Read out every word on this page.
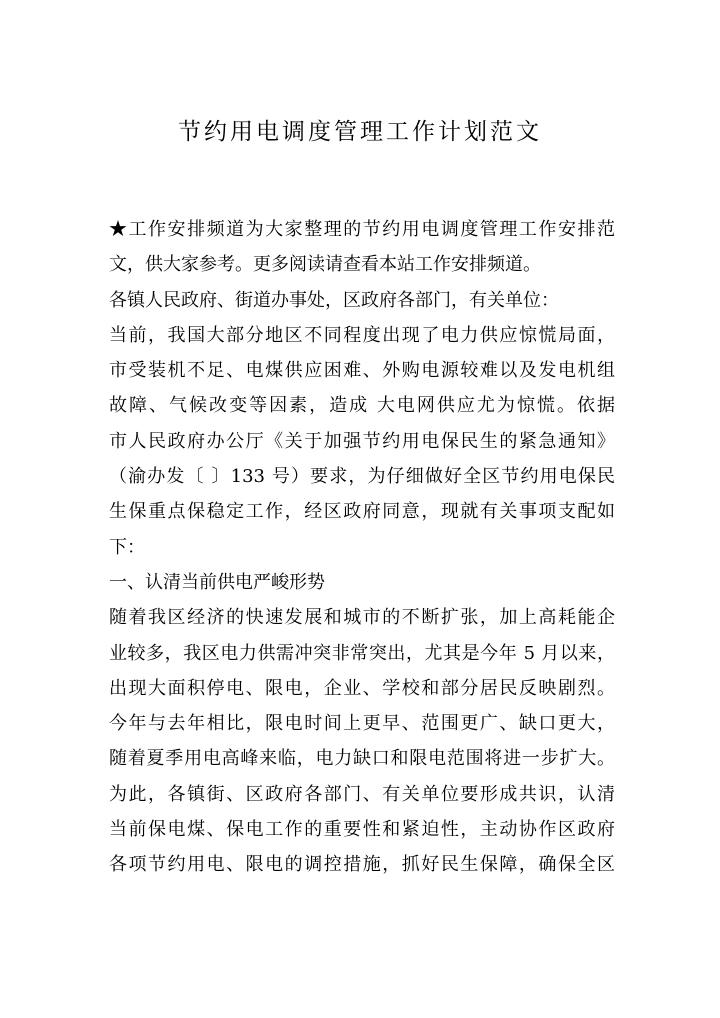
节约用电调度管理工作计划范文
★工作安排频道为大家整理的节约用电调度管理工作安排范
文，供大家参考。更多阅读请查看本站工作安排频道。
各镇人民政府、街道办事处，区政府各部门，有关单位：
当前，我国大部分地区不同程度出现了电力供应惊慌局面，
市受装机不足、电煤供应困难、外购电源较难以及发电机组
故障、气候改变等因素，造成 大电网供应尤为惊慌。依据
市人民政府办公厅《关于加强节约用电保民生的紧急通知》
（渝办发〔 〕133 号）要求，为仔细做好全区节约用电保民
生保重点保稳定工作，经区政府同意，现就有关事项支配如
下：
一、认清当前供电严峻形势
随着我区经济的快速发展和城市的不断扩张，加上高耗能企
业较多，我区电力供需冲突非常突出，尤其是今年 5 月以来，
出现大面积停电、限电，企业、学校和部分居民反映剧烈。
今年与去年相比，限电时间上更早、范围更广、缺口更大，
随着夏季用电高峰来临，电力缺口和限电范围将进一步扩大。
为此，各镇街、区政府各部门、有关单位要形成共识，认清
当前保电煤、保电工作的重要性和紧迫性，主动协作区政府
各项节约用电、限电的调控措施，抓好民生保障，确保全区
